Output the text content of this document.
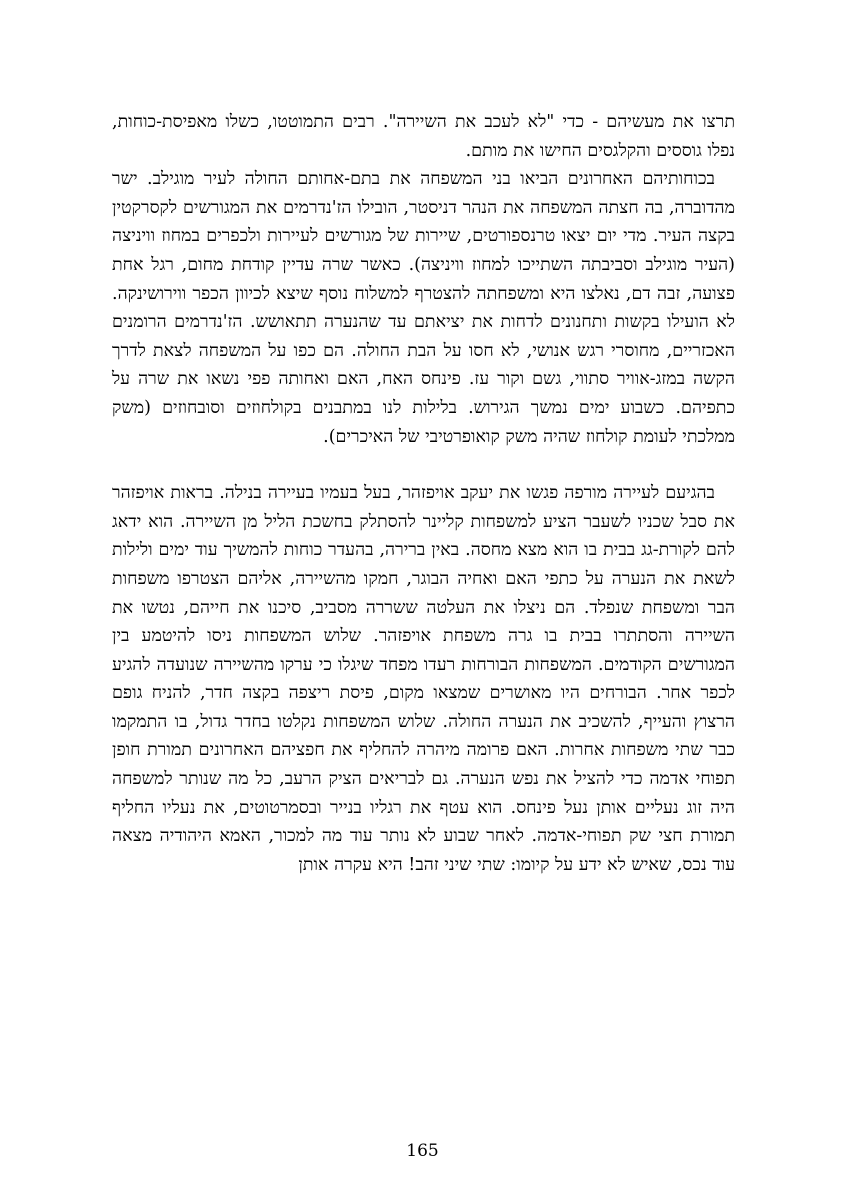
תרצו את מעשיהם - כדי "לא לעכב את השיירה". רבים התמוטטו, כשלו מאפיסת-כוחות, נפלו גוססים והקלגסים החישו את מותם.

בכוחותיהם האחרונים הביאו בני המשפחה את בתם-אחותם החולה לעיר מוגילב. ישר מהדוברה, בה חצתה המשפחה את הנהר דניסטר, הובילו הז'נדרמים את המגורשים לקסרקטין בקצה העיר. מדי יום יצאו טרנספורטים, שיירות של מגורשים לעיירות ולכפרים במחוז וויניצה (העיר מוגילב וסביבתה השתייכו למחוז וויניצה). כאשר שרה עדיין קודחת מחום, רגל אחת פצועה, זבה דם, נאלצו היא ומשפחתה להצטרף למשלוח נוסף שיצא לכיוון הכפר ווירושינקה. לא הועילו בקשות ותחנונים לדחות את יציאתם עד שהנערה תתאושש. הז'נדרמים הרומנים האכזריים, מחוסרי רגש אנושי, לא חסו על הבת החולה. הם כפו על המשפחה לצאת לדרך הקשה במזג-אוויר סתווי, גשם וקור עז. פינחס האח, האם ואחותה פפי נשאו את שרה על כתפיהם. כשבוע ימים נמשך הגירוש. בלילות לנו במתבנים בקולחוזים וסובחוזים (משק ממלכתי לעומת קולחוז שהיה משק קואופרטיבי של האיכרים).

בהגיעם לעיירה מורפה פגשו את יעקב אויפזהר, בעל בעמיו בעיירה בנילה. בראות אויפזהר את סבל שכניו לשעבר הציע למשפחות קליינר להסתלק בחשכת הליל מן השיירה. הוא ידאג להם לקורת-גג בבית בו הוא מצא מחסה. באין ברירה, בהעדר כוחות להמשיך עוד ימים ולילות לשאת את הנערה על כתפי האם ואחיה הבוגר, חמקו מהשיירה, אליהם הצטרפו משפחות הבר ומשפחת שנפלד. הם ניצלו את העלטה ששררה מסביב, סיכנו את חייהם, נטשו את השיירה והסתתרו בבית בו גרה משפחת אויפזהר. שלוש המשפחות ניסו להיטמע בין המגורשים הקודמים. המשפחות הבורחות רעדו מפחד שיגלו כי ערקו מהשיירה שנועדה להגיע לכפר אחר. הבורחים היו מאושרים שמצאו מקום, פיסת ריצפה בקצה חדר, להניח גופם הרצוץ והעייף, להשכיב את הנערה החולה. שלוש המשפחות נקלטו בחדר גדול, בו התמקמו כבר שתי משפחות אחרות. האם פרומה מיהרה להחליף את חפציהם האחרונים תמורת חופן תפוחי אדמה כדי להציל את נפש הנערה. גם לבריאים הציק הרעב, כל מה שנותר למשפחה היה זוג נעליים אותן נעל פינחס. הוא עטף את רגליו בנייר ובסמרטוטים, את נעליו החליף תמורת חצי שק תפוחי-אדמה. לאחר שבוע לא נותר עוד מה למכור, האמא היהודיה מצאה עוד נכס, שאיש לא ידע על קיומו: שתי שיני זהב! היא עקרה אותן

165
